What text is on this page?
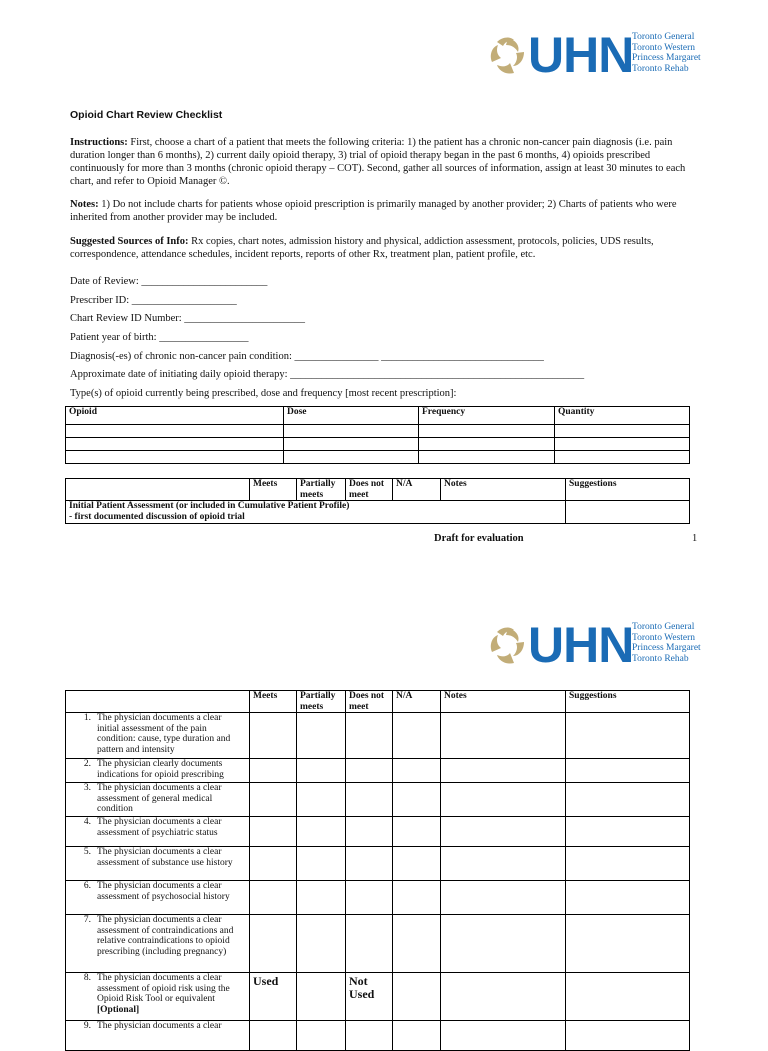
UHN
Toronto General
Toronto Western
Princess Margaret
Toronto Rehab
Opioid Chart Review Checklist
Instructions: First, choose a chart of a patient that meets the following criteria: 1) the patient has a chronic non-cancer pain diagnosis (i.e. pain duration longer than 6 months), 2) current daily opioid therapy, 3) trial of opioid therapy began in the past 6 months, 4) opioids prescribed continuously for more than 3 months (chronic opioid therapy – COT). Second, gather all sources of information, assign at least 30 minutes to each chart, and refer to Opioid Manager ©.
Notes: 1) Do not include charts for patients whose opioid prescription is primarily managed by another provider; 2) Charts of patients who were inherited from another provider may be included.
Suggested Sources of Info: Rx copies, chart notes, admission history and physical, addiction assessment, protocols, policies, UDS results, correspondence, attendance schedules, incident reports, reports of other Rx, treatment plan, patient profile, etc.
Date of Review: ________________________
Prescriber ID: ____________________
Chart Review ID Number: _______________________
Patient year of birth: _________________
Diagnosis(-es) of chronic non-cancer pain condition: ________________ _______________________________
Approximate date of initiating daily opioid therapy: ________________________________________________________
Type(s) of opioid currently being prescribed, dose and frequency [most recent prescription]:
Opioid	Dose	Frequency	Quantity

	Meets	Partially meets	Does not meet	N/A	Notes	Suggestions

Initial Patient Assessment (or included in Cumulative Patient Profile)
- first documented discussion of opioid trial						

Draft for evaluation	1
UHN
Toronto General
Toronto Western
Princess Margaret
Toronto Rehab
	Meets	Partially meets	Does not meet	N/A	Notes	Suggestions
1. The physician documents a clear initial assessment of the pain condition: cause, type duration and pattern and intensity						
2. The physician clearly documents indications for opioid prescribing						
3. The physician documents a clear assessment of general medical condition						
4. The physician documents a clear assessment of psychiatric status						
5. The physician documents a clear assessment of substance use history						
6. The physician documents a clear assessment of psychosocial history						
7. The physician documents a clear assessment of contraindications and relative contraindications to opioid prescribing (including pregnancy)						
8. The physician documents a clear assessment of opioid risk using the Opioid Risk Tool or equivalent [Optional]	Used		Not Used			
9. The physician documents a clear						
